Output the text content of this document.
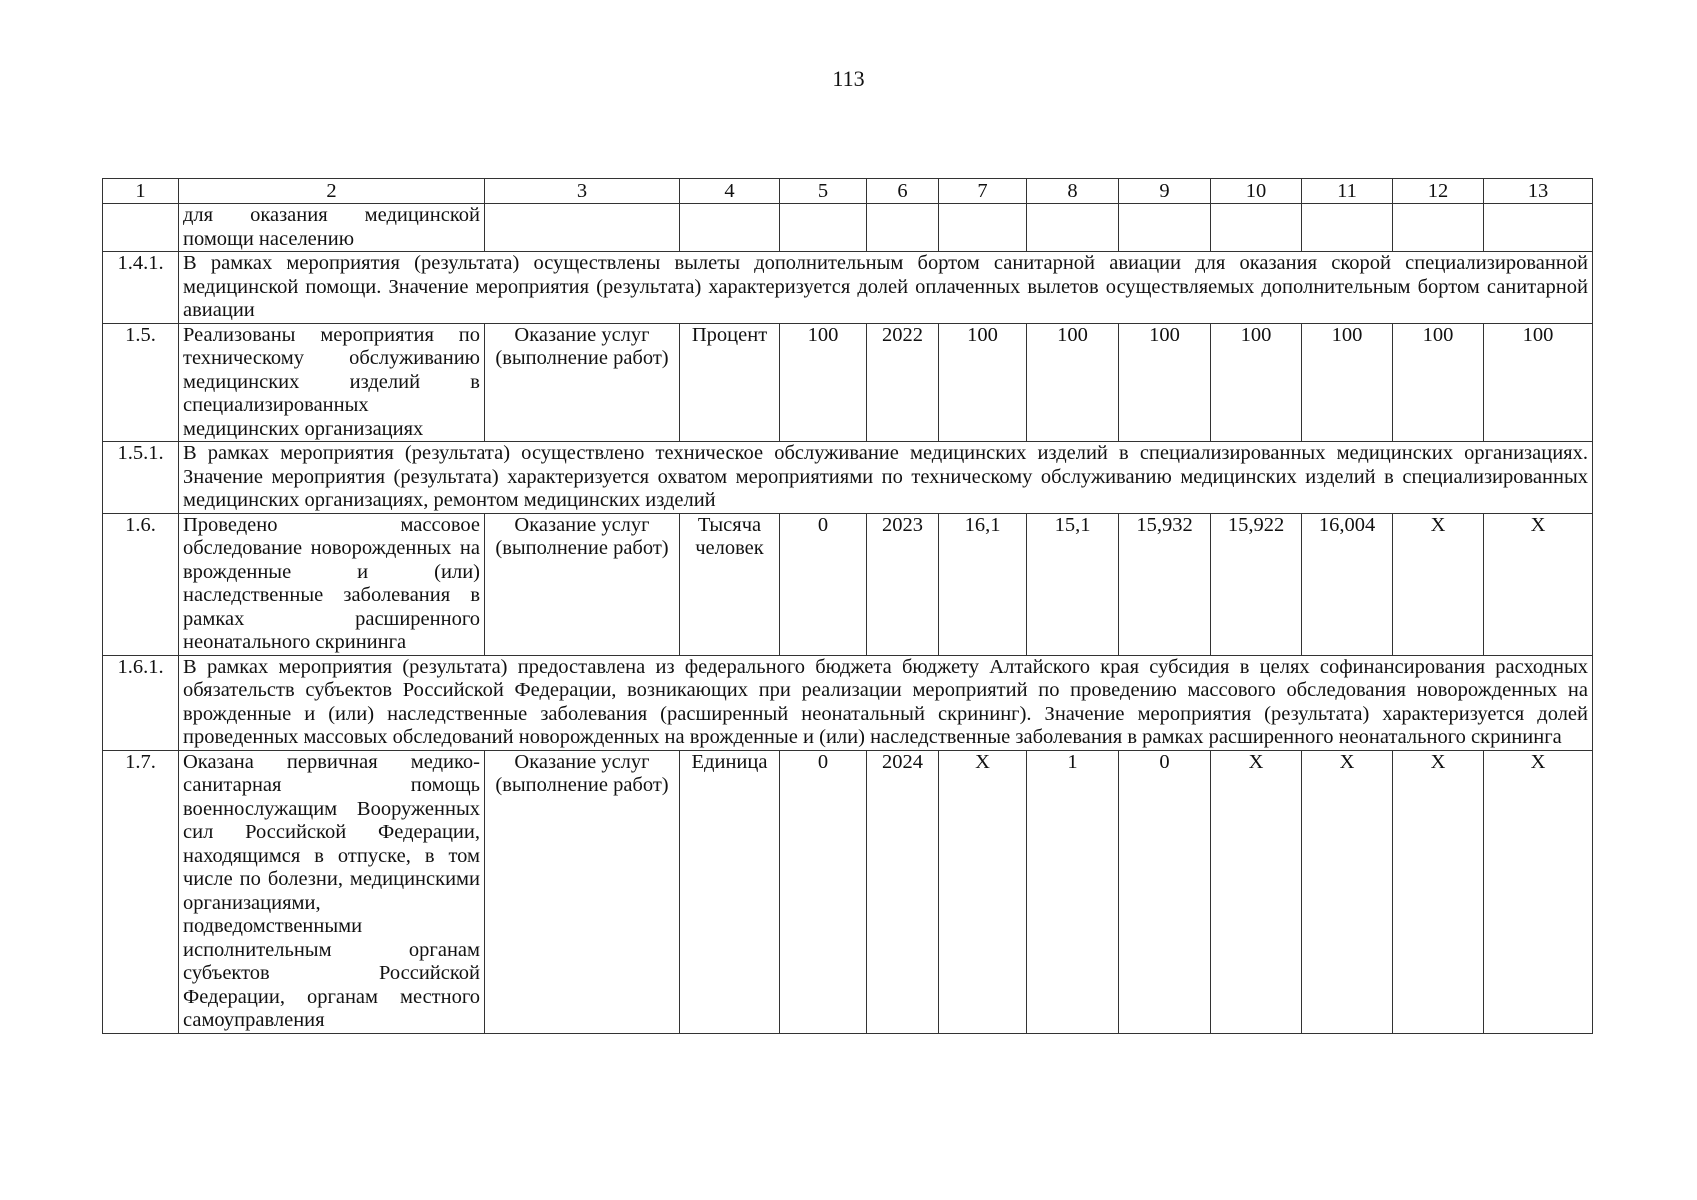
113
1	2	3	4	5	6	7	8	9	10	11	12	13
	для оказания медицинской помощи населению											
1.4.1.	В рамках мероприятия (результата) осуществлены вылеты дополнительным бортом санитарной авиации для оказания скорой специализированной медицинской помощи. Значение мероприятия (результата) характеризуется долей оплаченных вылетов осуществляемых дополнительным бортом санитарной авиации											
1.5.	Реализованы мероприятия по техническому обслуживанию медицинских изделий в специализированных медицинских организациях	Оказание услуг (выполнение работ)	Процент	100	2022	100	100	100	100	100	100	100
1.5.1.	В рамках мероприятия (результата) осуществлено техническое обслуживание медицинских изделий в специализированных медицинских организациях. Значение мероприятия (результата) характеризуется охватом мероприятиями по техническому обслуживанию медицинских изделий в специализированных медицинских организациях, ремонтом медицинских изделий											
1.6.	Проведено массовое обследование новорожденных на врожденные и (или) наследственные заболевания в рамках расширенного неонатального скрининга	Оказание услуг (выполнение работ)	Тысяча человек	0	2023	16,1	15,1	15,932	15,922	16,004	X	X
1.6.1.	В рамках мероприятия (результата) предоставлена из федерального бюджета бюджету Алтайского края субсидия в целях софинансирования расходных обязательств субъектов Российской Федерации, возникающих при реализации мероприятий по проведению массового обследования новорожденных на врожденные и (или) наследственные заболевания (расширенный неонатальный скрининг). Значение мероприятия (результата) характеризуется долей проведенных массовых обследований новорожденных на врожденные и (или) наследственные заболевания в рамках расширенного неонатального скрининга											
1.7.	Оказана первичная медико-санитарная помощь военнослужащим Вооруженных сил Российской Федерации, находящимся в отпуске, в том числе по болезни, медицинскими организациями, подведомственными исполнительным органам субъектов Российской Федерации, органам местного самоуправления	Оказание услуг (выполнение работ)	Единица	0	2024	X	1	0	X	X	X	X
